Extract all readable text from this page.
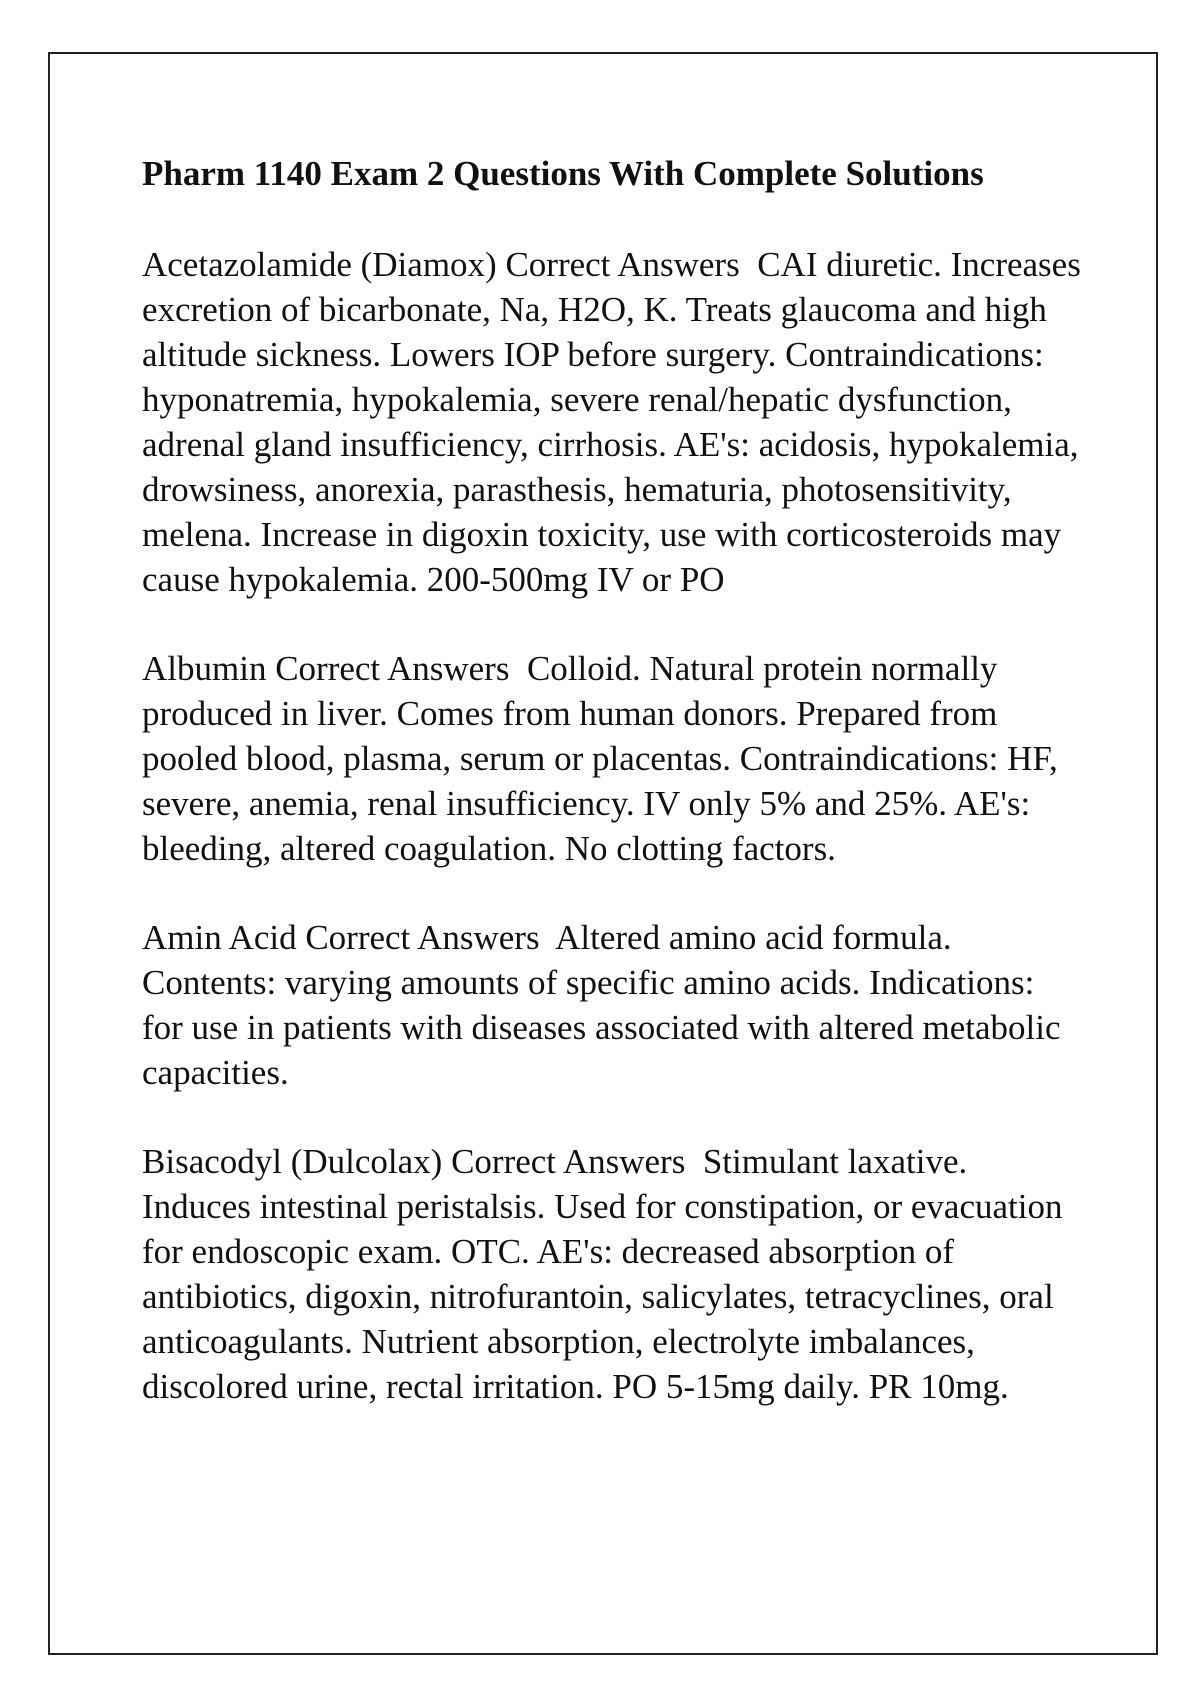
Pharm 1140 Exam 2 Questions With Complete Solutions

Acetazolamide (Diamox) Correct Answers  CAI diuretic. Increases excretion of bicarbonate, Na, H2O, K. Treats glaucoma and high altitude sickness. Lowers IOP before surgery. Contraindications: hyponatremia, hypokalemia, severe renal/hepatic dysfunction, adrenal gland insufficiency, cirrhosis. AE's: acidosis, hypokalemia, drowsiness, anorexia, parasthesis, hematuria, photosensitivity, melena. Increase in digoxin toxicity, use with corticosteroids may cause hypokalemia. 200-500mg IV or PO

Albumin Correct Answers  Colloid. Natural protein normally produced in liver. Comes from human donors. Prepared from pooled blood, plasma, serum or placentas. Contraindications: HF, severe, anemia, renal insufficiency. IV only 5% and 25%. AE's: bleeding, altered coagulation. No clotting factors.

Amin Acid Correct Answers  Altered amino acid formula. Contents: varying amounts of specific amino acids. Indications: for use in patients with diseases associated with altered metabolic capacities.

Bisacodyl (Dulcolax) Correct Answers  Stimulant laxative. Induces intestinal peristalsis. Used for constipation, or evacuation for endoscopic exam. OTC. AE's: decreased absorption of antibiotics, digoxin, nitrofurantoin, salicylates, tetracyclines, oral anticoagulants. Nutrient absorption, electrolyte imbalances, discolored urine, rectal irritation. PO 5-15mg daily. PR 10mg.
